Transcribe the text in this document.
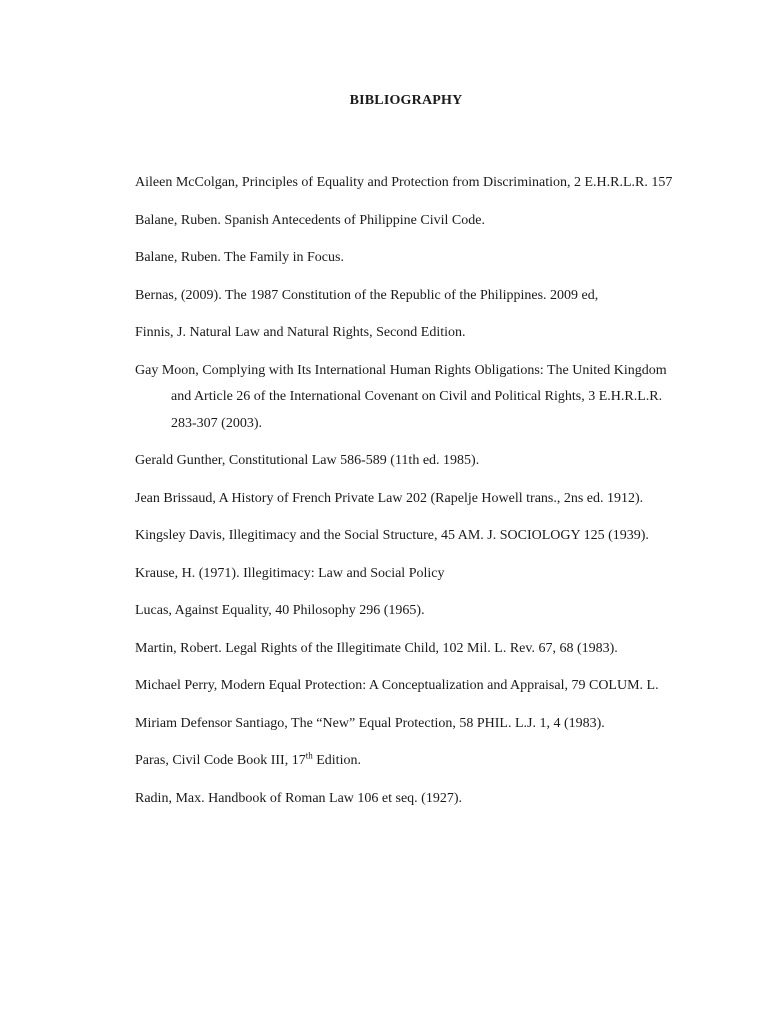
BIBLIOGRAPHY
Aileen McColgan, Principles of Equality and Protection from Discrimination, 2 E.H.R.L.R. 157
Balane, Ruben. Spanish Antecedents of Philippine Civil Code.
Balane, Ruben. The Family in Focus.
Bernas, (2009). The 1987 Constitution of the Republic of the Philippines. 2009 ed,
Finnis, J. Natural Law and Natural Rights, Second Edition.
Gay Moon, Complying with Its International Human Rights Obligations: The United Kingdom and Article 26 of the International Covenant on Civil and Political Rights, 3 E.H.R.L.R. 283-307 (2003).
Gerald Gunther, Constitutional Law 586-589 (11th ed. 1985).
Jean Brissaud, A History of French Private Law 202 (Rapelje Howell trans., 2ns ed. 1912).
Kingsley Davis, Illegitimacy and the Social Structure, 45 AM. J. SOCIOLOGY 125 (1939).
Krause, H. (1971). Illegitimacy: Law and Social Policy
Lucas, Against Equality, 40 Philosophy 296 (1965).
Martin, Robert. Legal Rights of the Illegitimate Child, 102 Mil. L. Rev. 67, 68 (1983).
Michael Perry, Modern Equal Protection: A Conceptualization and Appraisal, 79 COLUM. L.
Miriam Defensor Santiago, The “New” Equal Protection, 58 PHIL. L.J. 1, 4 (1983).
Paras, Civil Code Book III, 17th Edition.
Radin, Max. Handbook of Roman Law 106 et seq. (1927).
